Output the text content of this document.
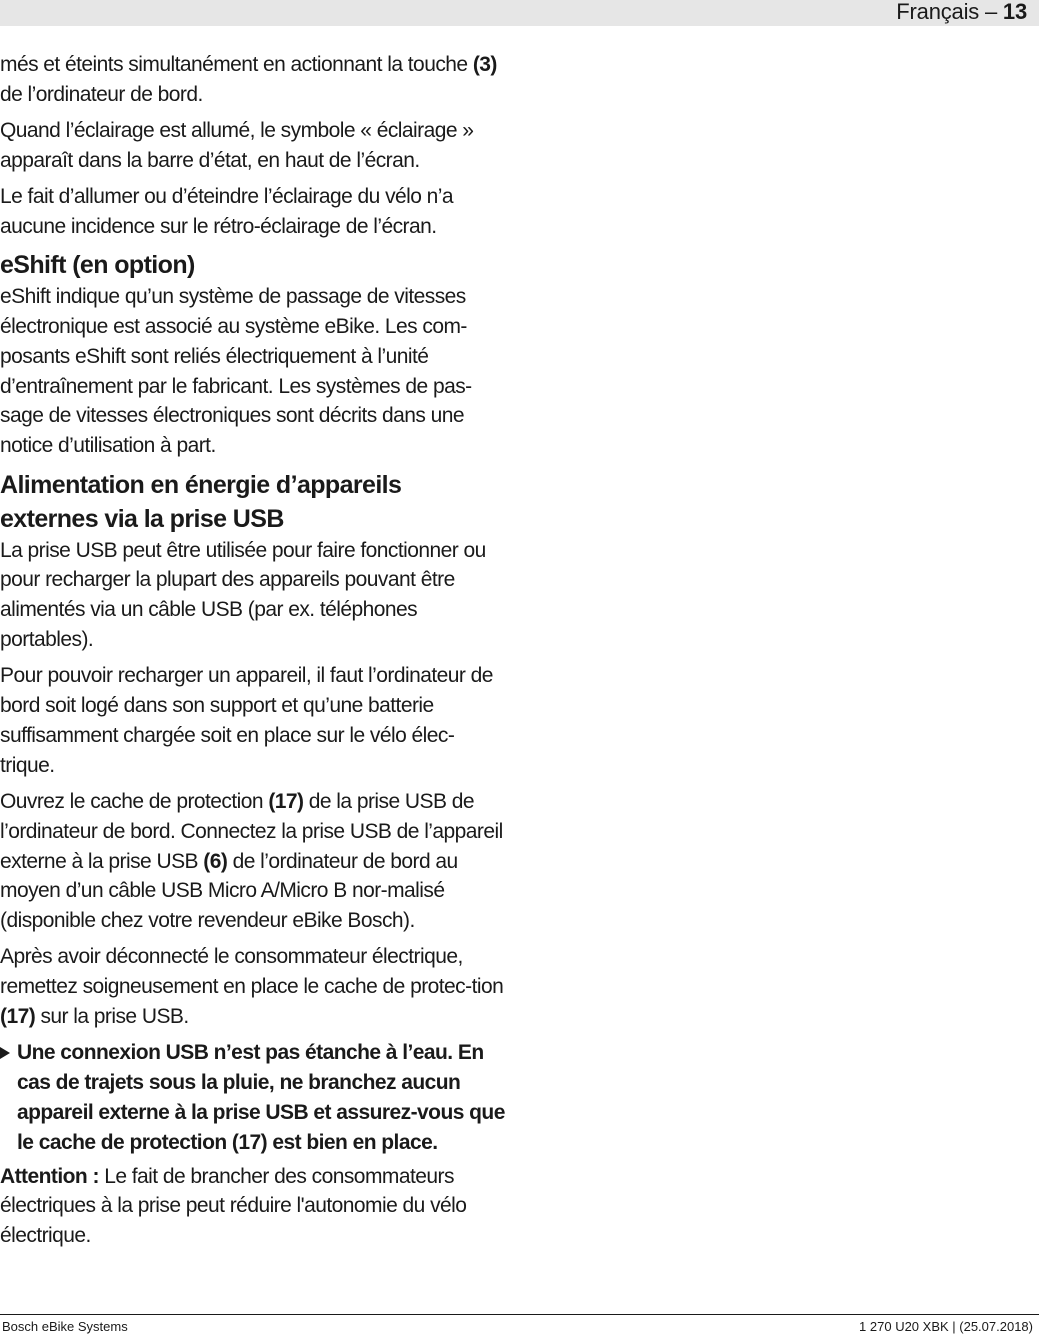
Français – 13

més et éteints simultanément en actionnant la touche (3) de l’ordinateur de bord.

Quand l’éclairage est allumé, le symbole « éclairage » apparaît dans la barre d’état, en haut de l’écran.

Le fait d’allumer ou d’éteindre l’éclairage du vélo n’a aucune incidence sur le rétro-éclairage de l’écran.

eShift (en option)

eShift indique qu’un système de passage de vitesses électronique est associé au système eBike. Les com-posants eShift sont reliés électriquement à l’unité d’entraînement par le fabricant. Les systèmes de pas-sage de vitesses électroniques sont décrits dans une notice d’utilisation à part.

Alimentation en énergie d’appareils externes via la prise USB

La prise USB peut être utilisée pour faire fonctionner ou pour recharger la plupart des appareils pouvant être alimentés via un câble USB (par ex. téléphones portables).

Pour pouvoir recharger un appareil, il faut l’ordinateur de bord soit logé dans son support et qu’une batterie suffisamment chargée soit en place sur le vélo élec-trique.

Ouvrez le cache de protection (17) de la prise USB de l’ordinateur de bord. Connectez la prise USB de l’appareil externe à la prise USB (6) de l’ordinateur de bord au moyen d’un câble USB Micro A/Micro B nor-malisé (disponible chez votre revendeur eBike Bosch).

Après avoir déconnecté le consommateur électrique, remettez soigneusement en place le cache de protec-tion (17) sur la prise USB.

Une connexion USB n’est pas étanche à l’eau. En cas de trajets sous la pluie, ne branchez aucun appareil externe à la prise USB et assurez-vous que le cache de protection (17) est bien en place.

Attention : Le fait de brancher des consommateurs électriques à la prise peut réduire l'autonomie du vélo électrique.

Bosch eBike Systems	1 270 U20 XBK | (25.07.2018)
